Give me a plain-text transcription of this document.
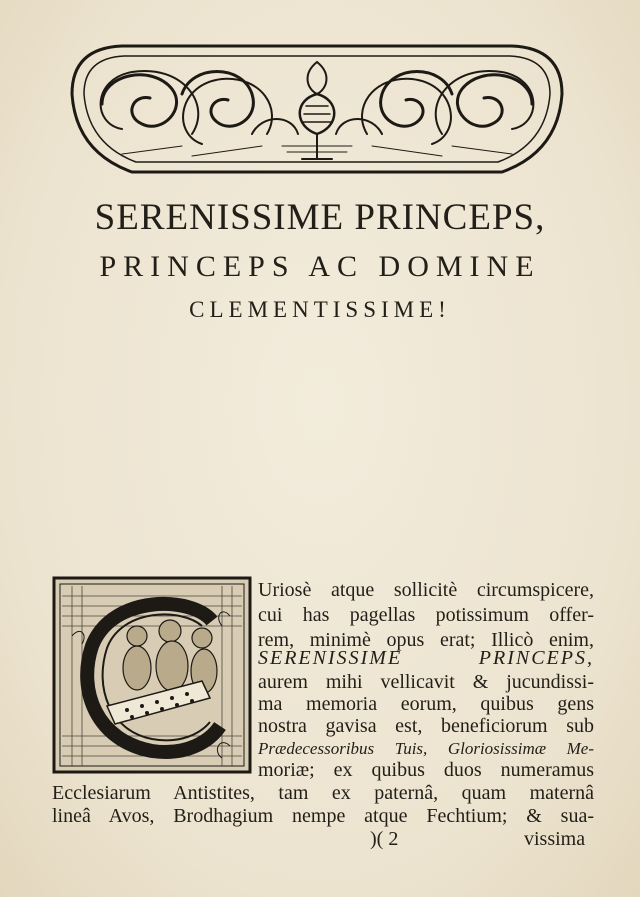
SERENISSIME PRINCEPS,
PRINCEPS AC DOMINE
CLEMENTISSIME!
Uriosè atque sollicitè circumspicere,
cui has pagellas potissimum offer-
rem, minimè opus erat; Illicò enim,
SERENISSIME PRINCEPS,
aurem mihi vellicavit & jucundissi-
ma memoria eorum, quibus gens
nostra gavisa est, beneficiorum sub
Prædecessoribus Tuis, Gloriosissimæ Me-
moriæ; ex quibus duos numeramus
Ecclesiarum Antistites, tam ex paternâ, quam maternâ
lineâ Avos, Brodhagium nempe atque Fechtium; & sua-
)( 2	vissima
